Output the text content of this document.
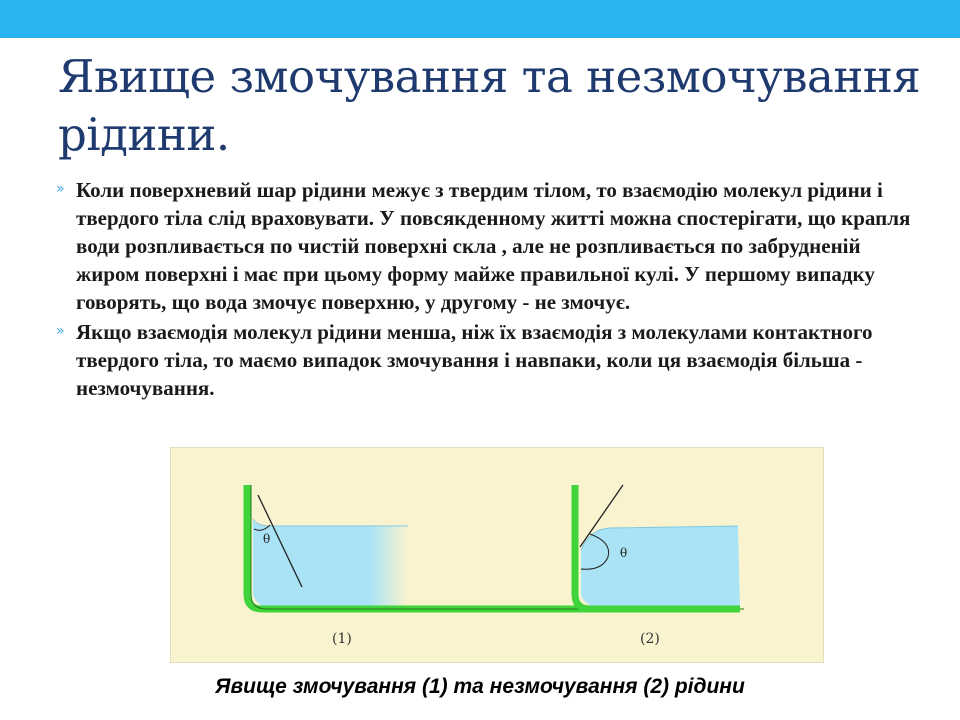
Явище змочування та незмочування рідини.
» Коли поверхневий шар рідини межує з твердим тілом, то взаємодію молекул рідини і твердого тіла слід враховувати. У повсякденному житті можна спостерігати, що крапля води розпливається по чистій поверхні скла , але не розпливається по забрудненій жиром поверхні і має при цьому форму майже правильної кулі. У першому випадку говорять, що вода змочує поверхню, у другому - не змочує.
» Якщо взаємодія молекул рідини менша, ніж їх взаємодія з молекулами контактного твердого тіла, то маємо випадок змочування і навпаки, коли ця взаємодія більша - незмочування.
θ
(1)
θ
(2)
Явище змочування (1) та незмочування (2) рідини
